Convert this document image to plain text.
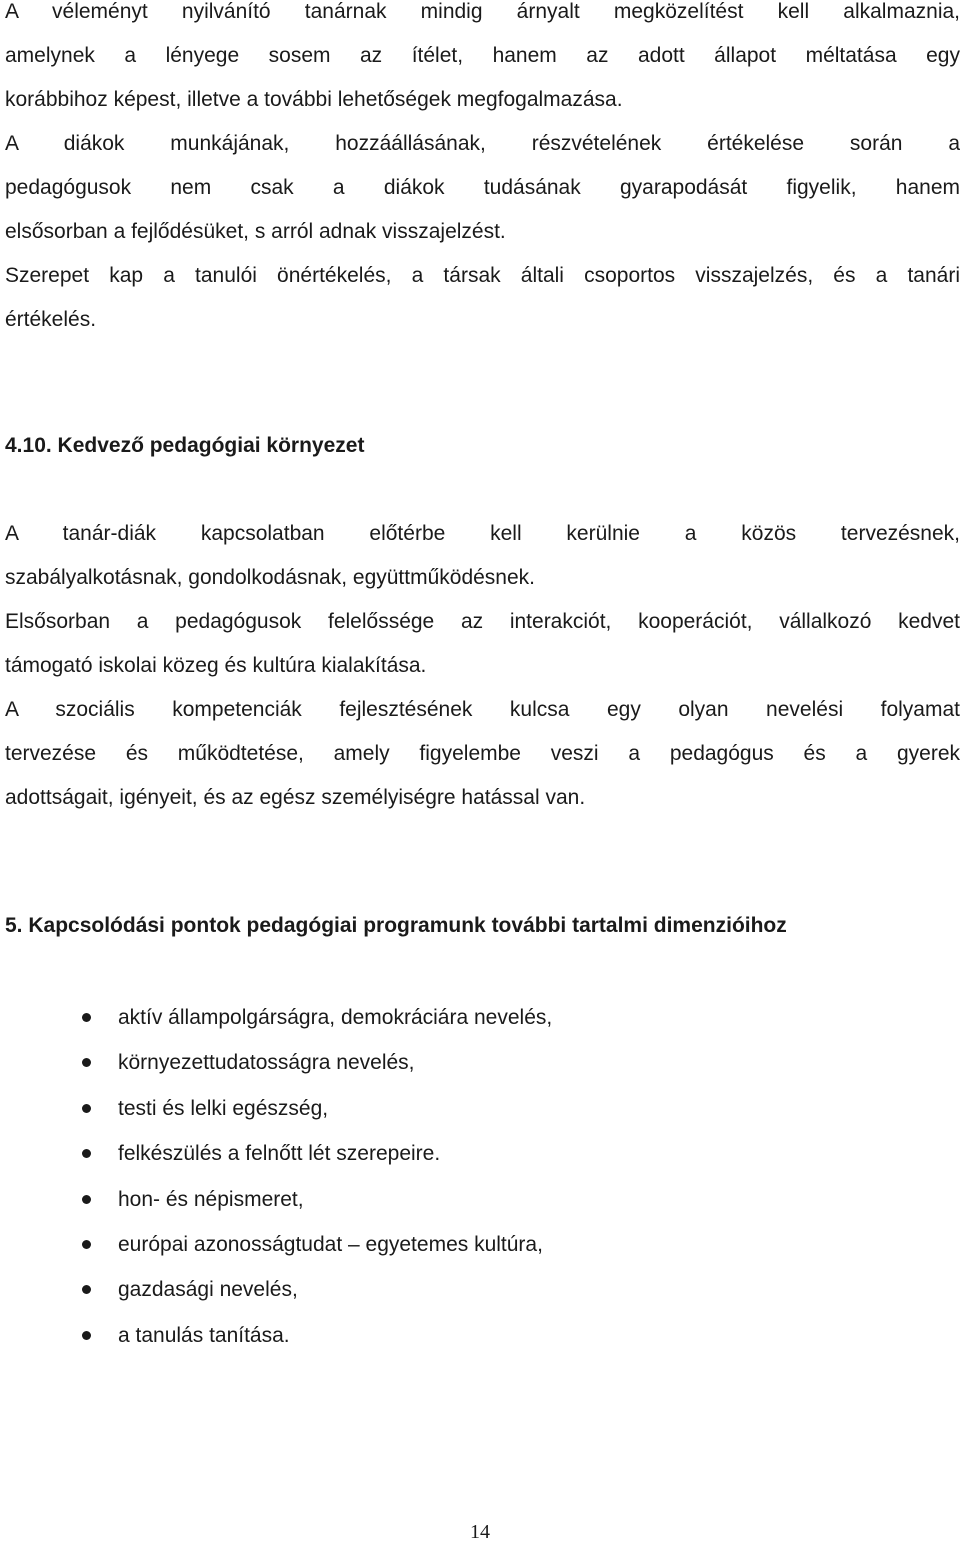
A véleményt nyilvánító tanárnak mindig árnyalt megközelítést kell alkalmaznia,
amelynek a lényege sosem az ítélet, hanem az adott állapot méltatása egy
korábbihoz képest, illetve a további lehetőségek megfogalmazása.
A diákok munkájának, hozzáállásának, részvételének értékelése során a
pedagógusok nem csak a diákok tudásának gyarapodását figyelik, hanem
elsősorban a fejlődésüket, s arról adnak visszajelzést.
Szerepet kap a tanulói önértékelés, a társak általi csoportos visszajelzés, és a tanári
értékelés.
4.10. Kedvező pedagógiai környezet
A tanár-diák kapcsolatban előtérbe kell kerülnie a közös tervezésnek,
szabályalkotásnak, gondolkodásnak, együttműködésnek.
Elsősorban a pedagógusok felelőssége az interakciót, kooperációt, vállalkozó kedvet
támogató iskolai közeg és kultúra kialakítása.
A szociális kompetenciák fejlesztésének kulcsa egy olyan nevelési folyamat
tervezése és működtetése, amely figyelembe veszi a pedagógus és a gyerek
adottságait, igényeit, és az egész személyiségre hatással van.
5. Kapcsolódási pontok pedagógiai programunk további tartalmi dimenzióihoz
aktív állampolgárságra, demokráciára nevelés,
környezettudatosságra nevelés,
testi és lelki egészség,
felkészülés a felnőtt lét szerepeire.
hon- és népismeret,
európai azonosságtudat – egyetemes kultúra,
gazdasági nevelés,
a tanulás tanítása.
14
